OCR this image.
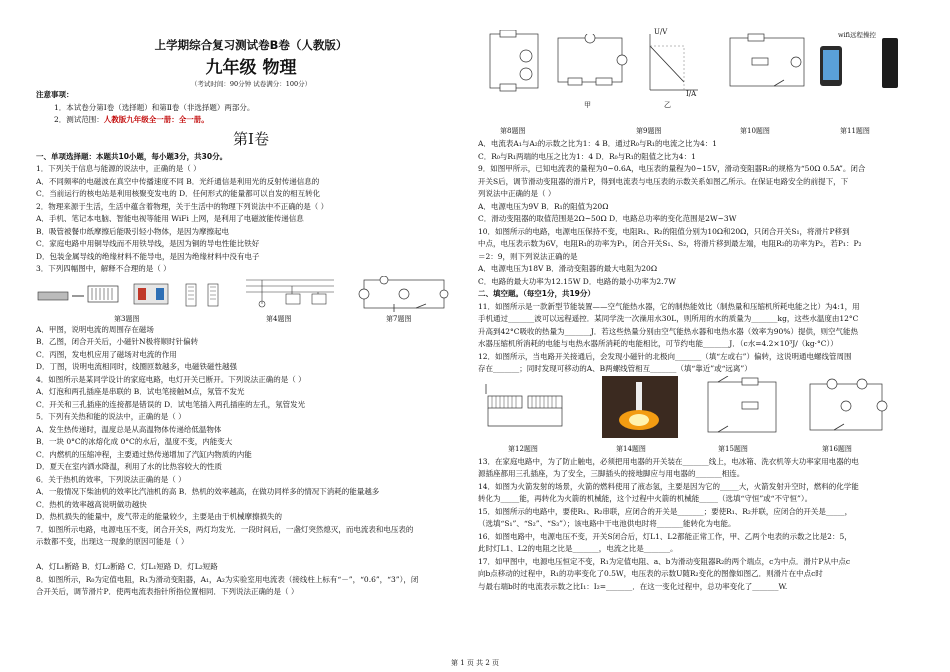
上学期综合复习测试卷B卷（人教版）
九年级 物理
（考试时间：90分钟 试卷满分：100分）
注意事项：
1．本试卷分第Ⅰ卷（选择题）和第Ⅱ卷（非选择题）两部分。
2．测试范围：人教版九年级全一册：全一册。
第Ⅰ卷
一、单项选择题：本题共10小题，每小题3分，共30分。
1．下列关于信息与能源的说法中，正确的是（ ）
A．不同频率的电磁波在真空中传播速度不同 B．光纤通信是利用光的反射传递信息的
C．当前运行的核电站是利用核聚变发电的 D．任何形式的能量都可以自发的相互转化
2．物理来源于生活，生活中蕴含着物理，关于生活中的物理下列说法中不正确的是（ ）
A．手机、笔记本电脑、智能电视等能用 WiFi 上网，是利用了电磁波能传递信息
B．吸管被餐巾纸摩擦后能吸引轻小物体，是因为摩擦起电
C．家庭电路中用铜导线而不用铁导线，是因为铜的导电性能比铁好
D．包装金属导线的绝缘材料不能导电，是因为绝缘材料中没有电子
3．下列四幅图中，解释不合理的是（ ）
第3题图	第4题图	第7题图
A．甲图，说明电流的周围存在磁场
B．乙图，闭合开关后，小磁针N极将顺时针偏转
C．丙图，发电机应用了磁场对电流的作用
D．丁图，说明电流相同时，线圈匝数越多，电磁铁磁性越强
4．如图所示是某同学设计的家庭电路，电灯开关已断开。下列说法正确的是（ ）
A．灯泡和两孔插座是串联的 B．试电笔接触M点，氖管不发光
C．开关和三孔插座的连接都是错误的 D．试电笔插入两孔插座的左孔，氖管发光
5．下列有关热和能的说法中，正确的是（ ）
A．发生热传递时，温度总是从高温物体传递给低温物体
B．一块 0°C的冰熔化成 0°C的水后，温度不变，内能变大
C．内燃机的压缩冲程，主要通过热传递增加了汽缸内物质的内能
D．夏天在室内洒水降温，利用了水的比热容较大的性质
6．关于热机的效率，下列说法正确的是（ ）
A．一般情况下柴油机的效率比汽油机的高 B．热机的效率越高，在做功同样多的情况下消耗的能量越多
C．热机的效率越高说明做功越快
D．热机损失的能量中，废气带走的能量较少，主要是由于机械摩擦损失的
7．如图所示电路，电源电压不变，闭合开关S，两灯均发光．一段时间后，一盏灯突然熄灭，而电流表和电压表的
示数都不变，出现这一现象的原因可能是（ ）

A．灯L₁断路 B．灯L₂断路 C．灯L₁短路 D．灯L₂短路
8．如图所示，R₀为定值电阻，R₁为滑动变阻器，A₁，A₂为实验室用电流表（接线柱上标有“－”，“0.6”，“3”），闭
合开关后，调节滑片P．使两电流表指针所指位置相同．下列说法正确的是（ ）
U/V
I/A
甲	乙
wifi远程操控
第8题图	第9题图	第10题图	第11题图
A．电流表A₁与A₂的示数之比为1：4 B．通过R₀与R₁的电流之比为4：1
C．R₀与R₁两端的电压之比为1：4 D．R₀与R₁的阻值之比为4：1
9．如图甲所示，已知电流表的量程为0~0.6A，电压表的量程为0~15V，滑动变阻器R₂的规格为“50Ω 0.5A”。闭合
开关S后，调节滑动变阻器的滑片P，得到电流表与电压表的示数关系如图乙所示。在保证电路安全的前提下，下
列说法中正确的是（ ）
A．电源电压为9V B．R₁的阻值为20Ω
C．滑动变阻器的取值范围是2Ω~50Ω D．电路总功率的变化范围是2W~3W
10．如图所示的电路，电源电压保持不变，电阻R₁、R₂的阻值分别为10Ω和20Ω，只闭合开关S₁，将滑片P移到
中点，电压表示数为6V，电阻R₁的功率为P₁，闭合开关S₁、S₂，将滑片移到最左端，电阻R₂的功率为P₂，若P₁：P₂
＝2：9，则下列说法正确的是
A．电源电压为18V B．滑动变阻器的最大电阻为20Ω
C．电路的最大功率为12.15W D．电路的最小功率为2.7W
二、填空题。（每空1分，共19分）
11．如图所示是一款新型节能装置——空气能热水器，它的制热能效比（制热量和压缩机所耗电能之比）为4:1，用
手机通过_______波可以远程遥控．某同学洗一次澡用水30L，则所用的水的质量为_______kg，这些水温度由12°C
升高到42°C吸收的热量为_______J．若这些热量分别由空气能热水器和电热水器（效率为90%）提供，则空气能热
水器压缩机所消耗的电能与电热水器所消耗的电能相比，可节约电能_______J．（c水=4.2×10³J/（kg·°C））
12．如图所示，当电路开关接通后，会发现小磁针的北极向_______（填“左或右”）偏转，这说明通电螺线管周围
存在_______；同时发现可移动的A、B两螺线管相互_______（填“靠近”或“远离”）
第12题图	第14题图	第15题图	第16题图
13．在家庭电路中，为了防止触电，必须把用电器的开关装在_______线上，电冰箱、洗衣机等大功率家用电器的电
源插座都用三孔插座，为了安全，三脚插头的接地脚应与用电器的_______相连。
14．如图为火箭发射的场景，火箭的燃料使用了液态氢，主要是因为它的_____大，火箭发射升空时，燃料的化学能
转化为_____能，再转化为火箭的机械能，这个过程中火箭的机械能_____（选填“守恒”或“不守恒”）。
15．如图所示的电路中，要使R₁、R₂串联，应闭合的开关是_______；要使R₁、R₂并联，应闭合的开关是_____，
（选填“S₁”、“S₂”、“S₃”）；该电路中干电池供电时将_______能转化为电能。
16．如图电路中，电源电压不变，开关S闭合后，灯L1、L2都能正常工作，甲、乙两个电表的示数之比是2：5，
此时灯L1、L2的电阻之比是_______，电流之比是_______。
17．如甲图中，电源电压恒定不变，R₁为定值电阻、a、b为滑动变阻器R₂的两个端点，c为中点．滑片P从中点c
向b点移动的过程中，R₁的功率变化了0.5W，电压表的示数U随R₂变化的图像如图乙．则滑片在中点c时
与最右端b时的电流表示数之比I₁：I₂=_______．在这一变化过程中，总功率变化了_______W.
第 1 页 共 2 页
